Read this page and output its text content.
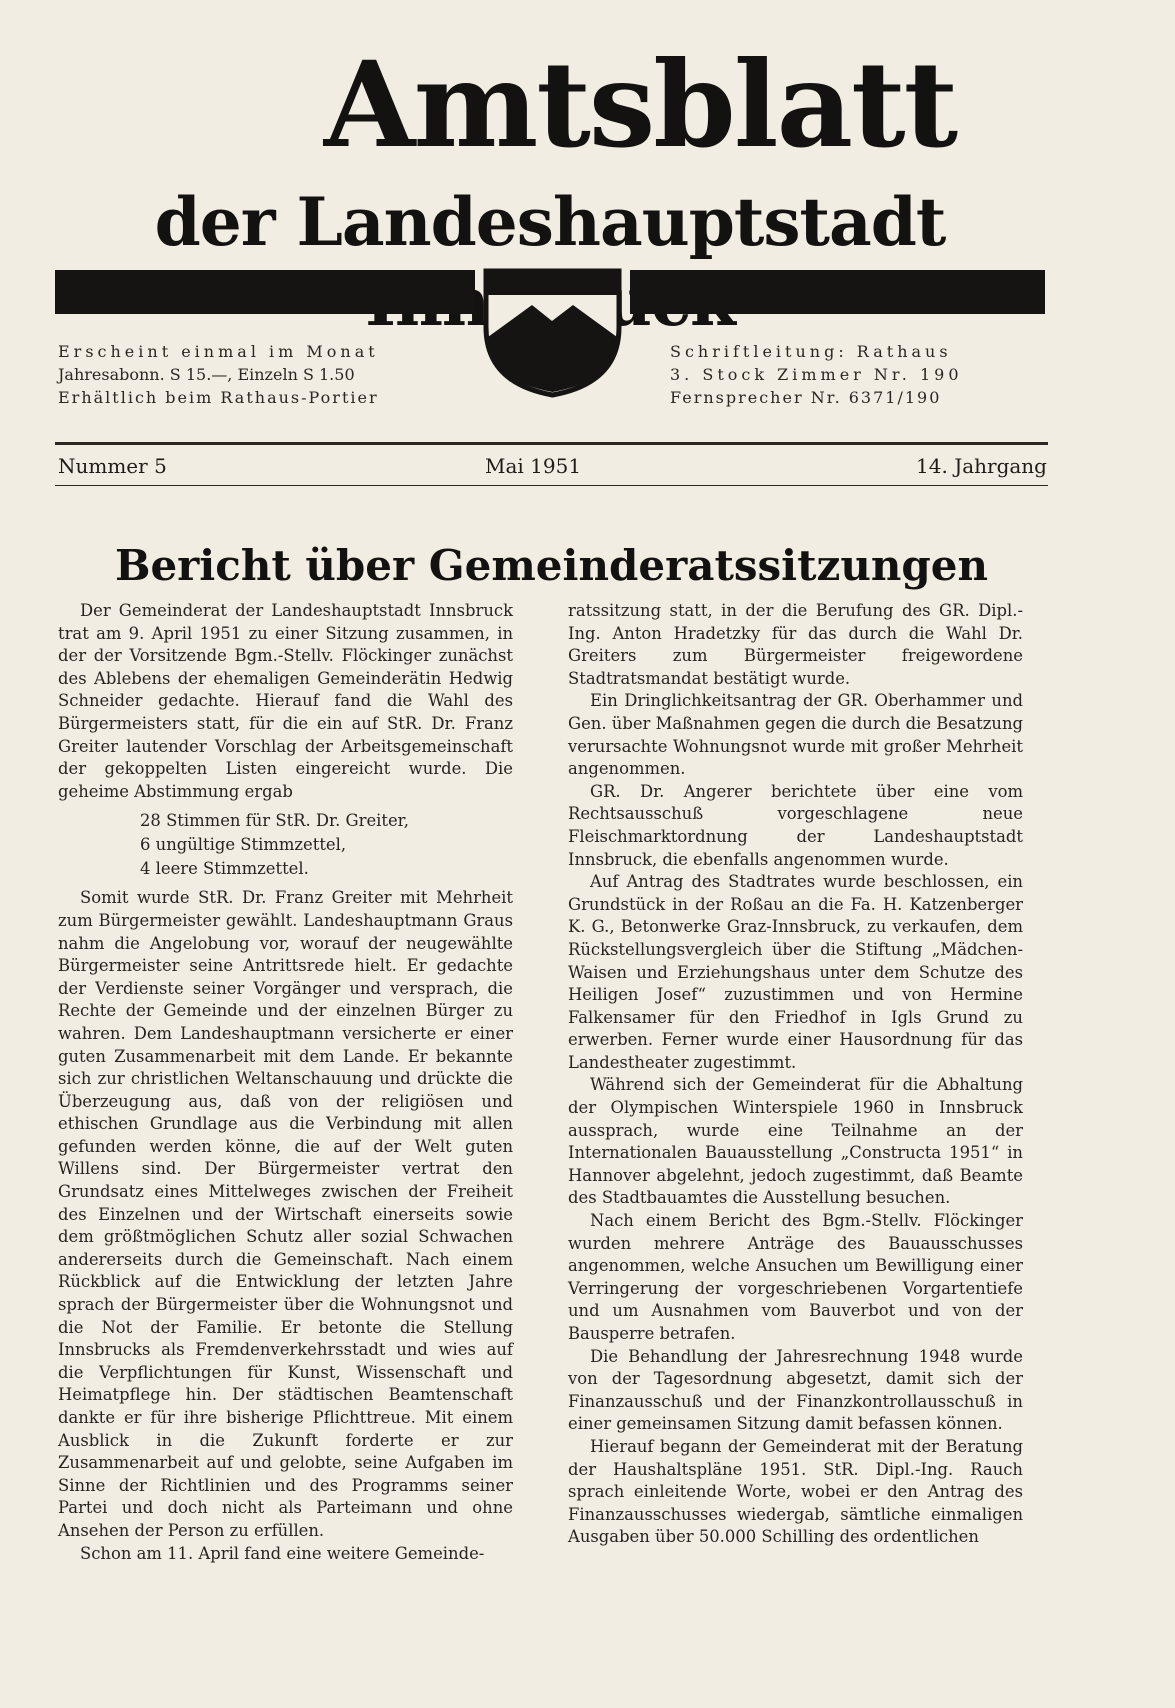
Amtsblatt
der Landeshauptstadt
Erscheint einmal im Monat
Jahresabonn. S 15.—, Einzeln S 1.50
Erhältlich beim Rathaus-Portier
Schriftleitung: Rathaus
3. Stock Zimmer Nr. 190
Fernsprecher Nr. 6371/190
Nummer 5	Mai 1951	14. Jahrgang
Bericht über Gemeinderatssitzungen

Der Gemeinderat der Landeshauptstadt Innsbruck trat am 9. April 1951 zu einer Sitzung zusammen, in der der Vorsitzende Bgm.-Stellv. Flöckinger zunächst des Ablebens der ehemaligen Gemeinderätin Hedwig Schneider gedachte. Hierauf fand die Wahl des Bürgermeisters statt, für die ein auf StR. Dr. Franz Greiter lautender Vorschlag der Arbeitsgemeinschaft der gekoppelten Listen eingereicht wurde. Die geheime Abstimmung ergab

28 Stimmen für StR. Dr. Greiter,
6 ungültige Stimmzettel,
4 leere Stimmzettel.

Somit wurde StR. Dr. Franz Greiter mit Mehrheit zum Bürgermeister gewählt. Landeshauptmann Graus nahm die Angelobung vor, worauf der neugewählte Bürgermeister seine Antrittsrede hielt. Er gedachte der Verdienste seiner Vorgänger und versprach, die Rechte der Gemeinde und der einzelnen Bürger zu wahren. Dem Landeshauptmann versicherte er einer guten Zusammenarbeit mit dem Lande. Er bekannte sich zur christlichen Weltanschauung und drückte die Überzeugung aus, daß von der religiösen und ethischen Grundlage aus die Verbindung mit allen gefunden werden könne, die auf der Welt guten Willens sind. Der Bürgermeister vertrat den Grundsatz eines Mittelweges zwischen der Freiheit des Einzelnen und der Wirtschaft einerseits sowie dem größtmöglichen Schutz aller sozial Schwachen andererseits durch die Gemeinschaft. Nach einem Rückblick auf die Entwicklung der letzten Jahre sprach der Bürgermeister über die Wohnungsnot und die Not der Familie. Er betonte die Stellung Innsbrucks als Fremdenverkehrsstadt und wies auf die Verpflichtungen für Kunst, Wissenschaft und Heimatpflege hin. Der städtischen Beamtenschaft dankte er für ihre bisherige Pflichttreue. Mit einem Ausblick in die Zukunft forderte er zur Zusammenarbeit auf und gelobte, seine Aufgaben im Sinne der Richtlinien und des Programms seiner Partei und doch nicht als Parteimann und ohne Ansehen der Person zu erfüllen.

Schon am 11. April fand eine weitere Gemeinde-

ratssitzung statt, in der die Berufung des GR. Dipl.-Ing. Anton Hradetzky für das durch die Wahl Dr. Greiters zum Bürgermeister freigewordene Stadtratsmandat bestätigt wurde.

Ein Dringlichkeitsantrag der GR. Oberhammer und Gen. über Maßnahmen gegen die durch die Besatzung verursachte Wohnungsnot wurde mit großer Mehrheit angenommen.

GR. Dr. Angerer berichtete über eine vom Rechtsausschuß vorgeschlagene neue Fleischmarktordnung der Landeshauptstadt Innsbruck, die ebenfalls angenommen wurde.

Auf Antrag des Stadtrates wurde beschlossen, ein Grundstück in der Roßau an die Fa. H. Katzenberger K. G., Betonwerke Graz-Innsbruck, zu verkaufen, dem Rückstellungsvergleich über die Stiftung „Mädchen-Waisen und Erziehungshaus unter dem Schutze des Heiligen Josef“ zuzustimmen und von Hermine Falkensamer für den Friedhof in Igls Grund zu erwerben. Ferner wurde einer Hausordnung für das Landestheater zugestimmt.

Während sich der Gemeinderat für die Abhaltung der Olympischen Winterspiele 1960 in Innsbruck aussprach, wurde eine Teilnahme an der Internationalen Bauausstellung „Constructa 1951“ in Hannover abgelehnt, jedoch zugestimmt, daß Beamte des Stadtbauamtes die Ausstellung besuchen.

Nach einem Bericht des Bgm.-Stellv. Flöckinger wurden mehrere Anträge des Bauausschusses angenommen, welche Ansuchen um Bewilligung einer Verringerung der vorgeschriebenen Vorgartentiefe und um Ausnahmen vom Bauverbot und von der Bausperre betrafen.

Die Behandlung der Jahresrechnung 1948 wurde von der Tagesordnung abgesetzt, damit sich der Finanzausschuß und der Finanzkontrollausschuß in einer gemeinsamen Sitzung damit befassen können.

Hierauf begann der Gemeinderat mit der Beratung der Haushaltspläne 1951. StR. Dipl.-Ing. Rauch sprach einleitende Worte, wobei er den Antrag des Finanzausschusses wiedergab, sämtliche einmaligen Ausgaben über 50.000 Schilling des ordentlichen
